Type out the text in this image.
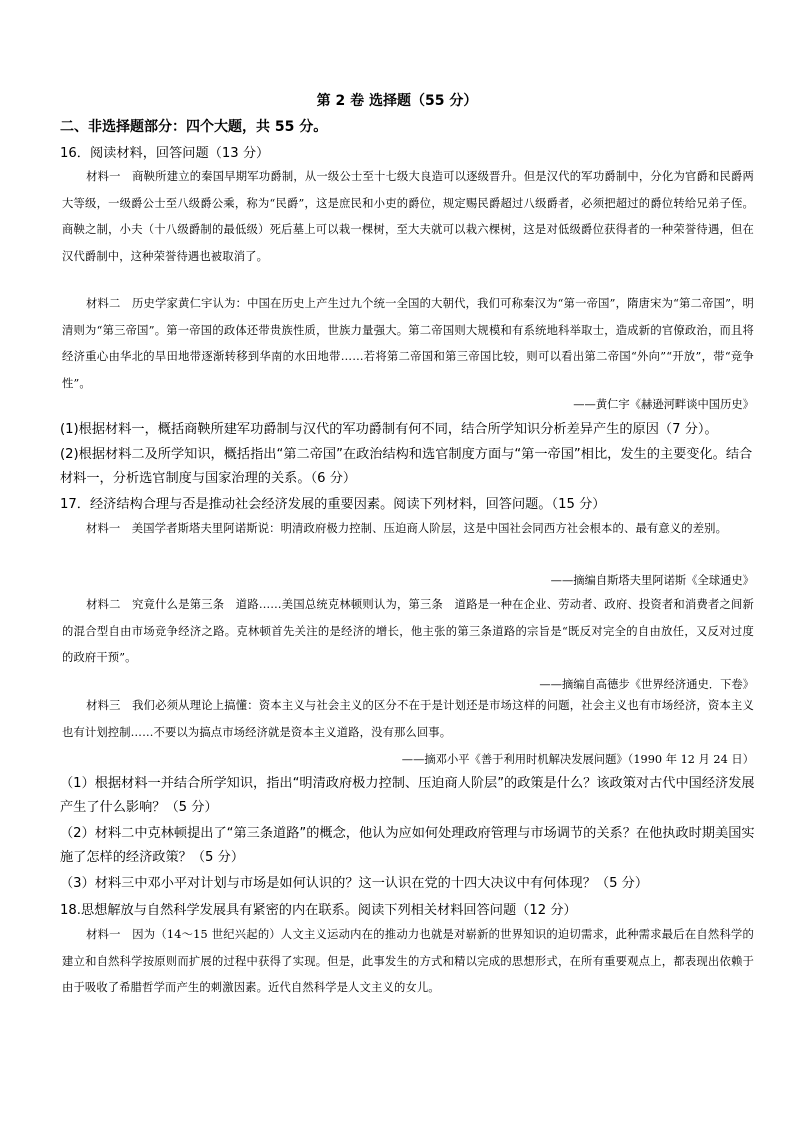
第 2 卷 选择题（55 分）
二、非选择题部分：四个大题，共 55 分。
16．阅读材料，回答问题（13 分）
材料一　商鞅所建立的秦国早期军功爵制，从一级公士至十七级大良造可以逐级晋升。但是汉代的军功爵制中，分化为官爵和民爵两大等级，一级爵公士至八级爵公乘，称为“民爵”，这是庶民和小吏的爵位，规定赐民爵超过八级爵者，必须把超过的爵位转给兄弟子侄。商鞅之制，小夫（十八级爵制的最低级）死后墓上可以栽一棵树，至大夫就可以栽六棵树，这是对低级爵位获得者的一种荣誉待遇，但在汉代爵制中，这种荣誉待遇也被取消了。
材料二　历史学家黄仁宇认为：中国在历史上产生过九个统一全国的大朝代，我们可称秦汉为“第一帝国”，隋唐宋为“第二帝国”，明清则为“第三帝国”。第一帝国的政体还带贵族性质，世族力量强大。第二帝国则大规模和有系统地科举取士，造成新的官僚政治，而且将经济重心由华北的旱田地带逐渐转移到华南的水田地带……若将第二帝国和第三帝国比较，则可以看出第二帝国“外向”“开放”，带“竞争性”。
——黄仁宇《赫逊河畔谈中国历史》
(1)根据材料一，概括商鞅所建军功爵制与汉代的军功爵制有何不同，结合所学知识分析差异产生的原因（7 分）。
(2)根据材料二及所学知识，概括指出“第二帝国”在政治结构和选官制度方面与“第一帝国”相比，发生的主要变化。结合材料一，分析选官制度与国家治理的关系。（6 分）
17．经济结构合理与否是推动社会经济发展的重要因素。阅读下列材料，回答问题。（15 分）
材料一　美国学者斯塔夫里阿诺斯说：明清政府极力控制、压迫商人阶层，这是中国社会同西方社会根本的、最有意义的差别。
——摘编自斯塔夫里阿诺斯《全球通史》
材料二　究竟什么是第三条　道路……美国总统克林顿则认为，第三条　道路是一种在企业、劳动者、政府、投资者和消费者之间新的混合型自由市场竞争经济之路。克林顿首先关注的是经济的增长，他主张的第三条道路的宗旨是“既反对完全的自由放任，又反对过度的政府干预”。
——摘编自高德步《世界经济通史．下卷》
材料三　我们必须从理论上搞懂：资本主义与社会主义的区分不在于是计划还是市场这样的问题，社会主义也有市场经济，资本主义也有计划控制……不要以为搞点市场经济就是资本主义道路，没有那么回事。
——摘邓小平《善于利用时机解决发展问题》（1990 年 12 月 24 日）
（1）根据材料一并结合所学知识，指出“明清政府极力控制、压迫商人阶层”的政策是什么？该政策对古代中国经济发展产生了什么影响？（5 分）
（2）材料二中克林顿提出了“第三条道路”的概念，他认为应如何处理政府管理与市场调节的关系？在他执政时期美国实施了怎样的经济政策？（5 分）
（3）材料三中邓小平对计划与市场是如何认识的？这一认识在党的十四大决议中有何体现？（5 分）
18.思想解放与自然科学发展具有紧密的内在联系。阅读下列相关材料回答问题（12 分）
材料一　因为（14～15 世纪兴起的）人文主义运动内在的推动力也就是对崭新的世界知识的迫切需求，此种需求最后在自然科学的建立和自然科学按原则而扩展的过程中获得了实现。但是，此事发生的方式和精以完成的思想形式，在所有重要观点上，都表现出依赖于由于吸收了希腊哲学而产生的刺激因素。近代自然科学是人文主义的女儿。
